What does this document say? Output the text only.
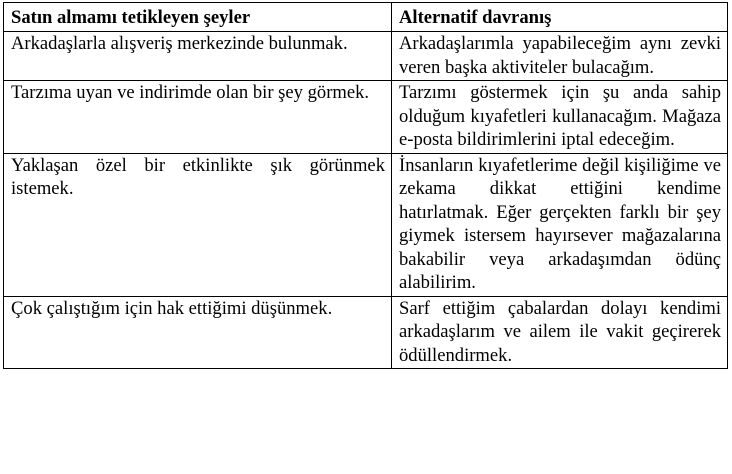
Satın almamı tetikleyen şeyler	Alternatif davranış
Arkadaşlarla alışveriş merkezinde bulunmak.	Arkadaşlarımla yapabileceğim aynı zevki veren başka aktiviteler bulacağım.
Tarzıma uyan ve indirimde olan bir şey görmek.	Tarzımı göstermek için şu anda sahip olduğum kıyafetleri kullanacağım. Mağaza e-posta bildirimlerini iptal edeceğim.
Yaklaşan özel bir etkinlikte şık görünmek istemek.	İnsanların kıyafetlerime değil kişiliğime ve zekama dikkat ettiğini kendime hatırlatmak. Eğer gerçekten farklı bir şey giymek istersem hayırsever mağazalarına bakabilir veya arkadaşımdan ödünç alabilirim.
Çok çalıştığım için hak ettiğimi düşünmek.	Sarf ettiğim çabalardan dolayı kendimi arkadaşlarım ve ailem ile vakit geçirerek ödüllendirmek.
